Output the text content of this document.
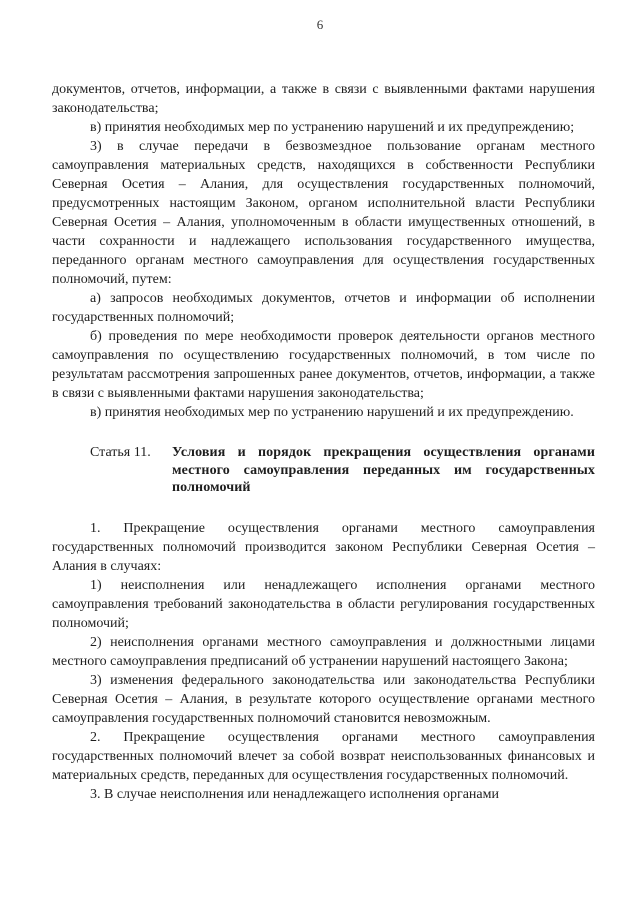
6

документов, отчетов, информации, а также в связи с выявленными фактами нарушения законодательства;

в) принятия необходимых мер по устранению нарушений и их предупреждению;

3) в случае передачи в безвозмездное пользование органам местного самоуправления материальных средств, находящихся в собственности Республики Северная Осетия – Алания, для осуществления государственных полномочий, предусмотренных настоящим Законом, органом исполнительной власти Республики Северная Осетия – Алания, уполномоченным в области имущественных отношений, в части сохранности и надлежащего использования государственного имущества, переданного органам местного самоуправления для осуществления государственных полномочий, путем:

а) запросов необходимых документов, отчетов и информации об исполнении государственных полномочий;

б) проведения по мере необходимости проверок деятельности органов местного самоуправления по осуществлению государственных полномочий, в том числе по результатам рассмотрения запрошенных ранее документов, отчетов, информации, а также в связи с выявленными фактами нарушения законодательства;

в) принятия необходимых мер по устранению нарушений и их предупреждению.

Статья 11.	Условия и порядок прекращения осуществления органами местного самоуправления переданных им государственных полномочий

1. Прекращение осуществления органами местного самоуправления государственных полномочий производится законом Республики Северная Осетия – Алания в случаях:

1) неисполнения или ненадлежащего исполнения органами местного самоуправления требований законодательства в области регулирования государственных полномочий;

2) неисполнения органами местного самоуправления и должностными лицами местного самоуправления предписаний об устранении нарушений настоящего Закона;

3) изменения федерального законодательства или законодательства Республики Северная Осетия – Алания, в результате которого осуществление органами местного самоуправления государственных полномочий становится невозможным.

2. Прекращение осуществления органами местного самоуправления государственных полномочий влечет за собой возврат неиспользованных финансовых и материальных средств, переданных для осуществления государственных полномочий.

3. В случае неисполнения или ненадлежащего исполнения органами
